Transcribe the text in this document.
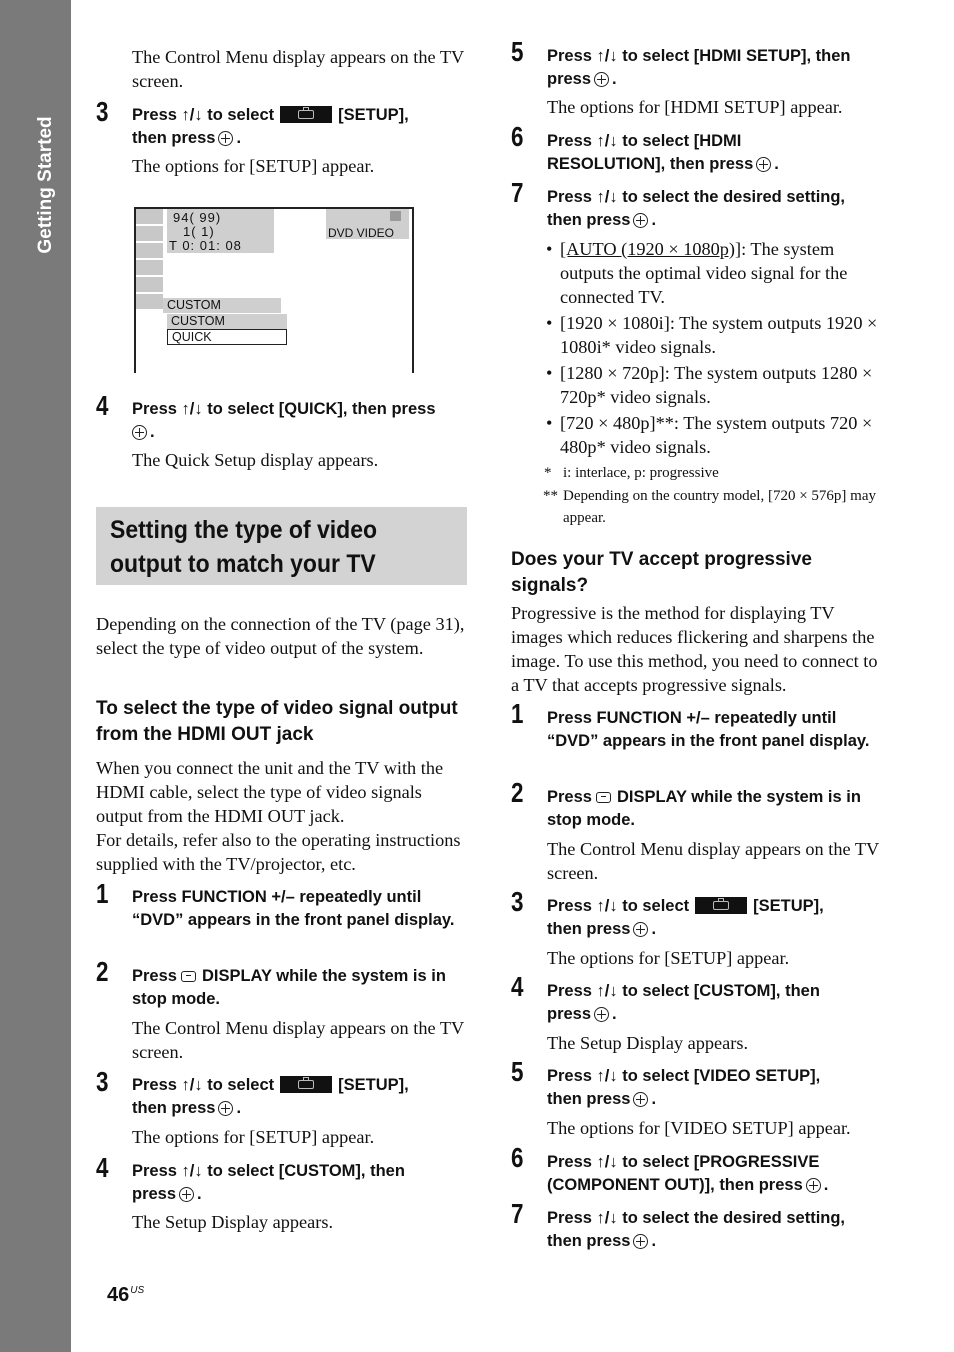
Getting Started
The Control Menu display appears on the TV screen.
3 Press ↑/↓ to select	[SETUP],
then press .
The options for [SETUP] appear.
94( 99)
1( 1)
T 0: 01: 08
DVD VIDEO
CUSTOM
CUSTOM
QUICK
4 Press ↑/↓ to select [QUICK], then press
.
The Quick Setup display appears.
Setting the type of video output to match your TV
Depending on the connection of the TV (page 31), select the type of video output of the system.
To select the type of video signal output from the HDMI OUT jack
When you connect the unit and the TV with the HDMI cable, select the type of video signals output from the HDMI OUT jack.
For details, refer also to the operating instructions supplied with the TV/projector, etc.
1 Press FUNCTION +/– repeatedly until “DVD” appears in the front panel display.
2 Press DISPLAY while the system is in stop mode.
The Control Menu display appears on the TV screen.
3 Press ↑/↓ to select	[SETUP],
then press .
The options for [SETUP] appear.
4 Press ↑/↓ to select [CUSTOM], then
press .
The Setup Display appears.
$46^{US}$
5 Press ↑/↓ to select [HDMI SETUP], then
press .
The options for [HDMI SETUP] appear.
6 Press ↑/↓ to select [HDMI
RESOLUTION], then press .
7 Press ↑/↓ to select the desired setting,
then press .
• [AUTO (1920 × 1080p)]: The system outputs the optimal video signal for the connected TV.
• [1920 × 1080i]: The system outputs 1920 × 1080i* video signals.
• [1280 × 720p]: The system outputs 1280 × 720p* video signals.
• [720 × 480p]**: The system outputs 720 × 480p* video signals.
* i: interlace, p: progressive
** Depending on the country model, [720 × 576p] may appear.
Does your TV accept progressive signals?
Progressive is the method for displaying TV images which reduces flickering and sharpens the image. To use this method, you need to connect to a TV that accepts progressive signals.
1 Press FUNCTION +/– repeatedly until “DVD” appears in the front panel display.
2 Press DISPLAY while the system is in stop mode.
The Control Menu display appears on the TV screen.
3 Press ↑/↓ to select	[SETUP],
then press .
The options for [SETUP] appear.
4 Press ↑/↓ to select [CUSTOM], then
press .
The Setup Display appears.
5 Press ↑/↓ to select [VIDEO SETUP],
then press .
The options for [VIDEO SETUP] appear.
6 Press ↑/↓ to select [PROGRESSIVE
(COMPONENT OUT)], then press .
7 Press ↑/↓ to select the desired setting,
then press .
